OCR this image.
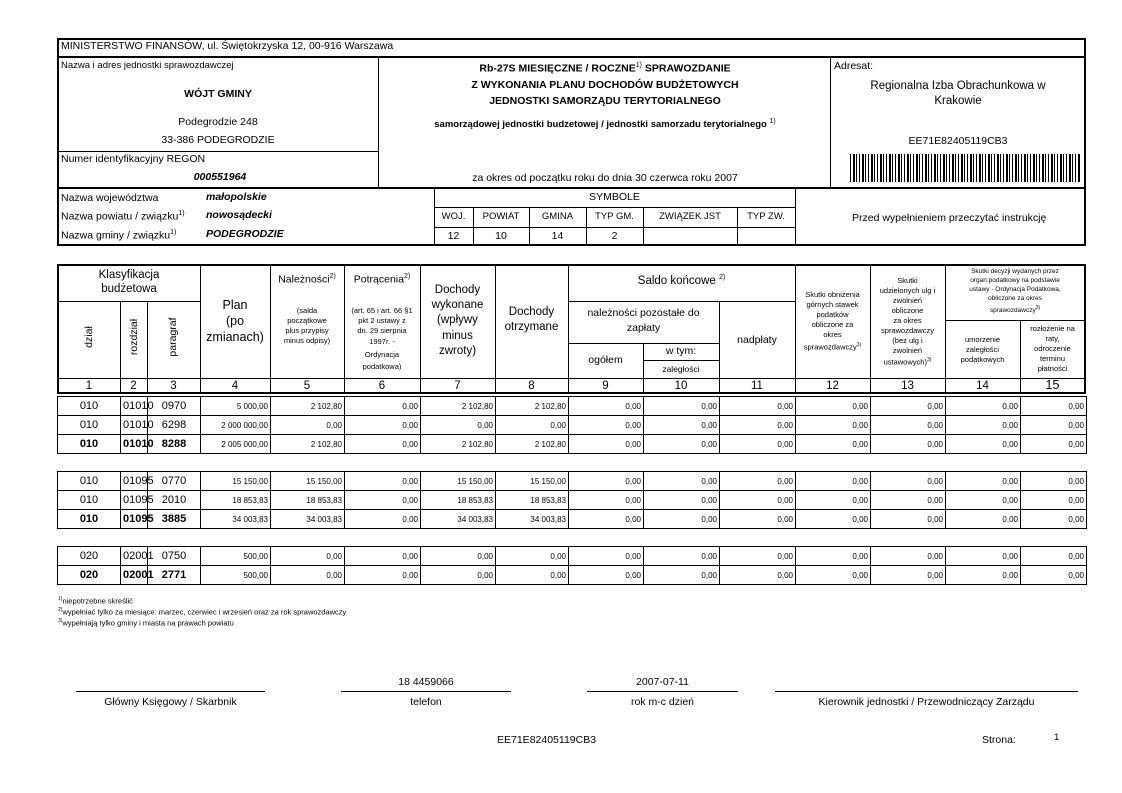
MINISTERSTWO FINANSÓW, ul. Świętokrzyska 12, 00-916 Warszawa
Nazwa i adres jednostki sprawozdawczej
WÓJT GMINY
Podegrodzie 248
33-386 PODEGRODZIE
Numer identyfikacyjny REGON
000551964
Rb-27S MIESIĘCZNE / ROCZNE$^{1)}$ SPRAWOZDANIE
Z WYKONANIA PLANU DOCHODÓW BUDŻETOWYCH
JEDNOSTKI SAMORZĄDU TERYTORIALNEGO
samorządowej jednostki budzetowej / jednostki samorzadu terytorialnego $^{1)}$
za okres od początku roku do dnia 30 czerwca roku 2007
Adresat:
Regionalna Izba Obrachunkowa w
Krakowie
EE71E82405119CB3
Nazwa województwa	małopolskie
Nazwa powiatu / związku$^{1)}$ nowosądecki
Nazwa gminy / związku$^{1)}$	PODEGRODZIE
SYMBOLE
WOJ.	POWIAT	GMINA	TYP GM.	ZWIĄZEK JST	TYP ZW.
12	10	14	2
Przed wypełnieniem przeczytać instrukcję
Klasyfikacja
budżetowa
dział	rozdział	paragraf
Plan
(po
zmianach)
Należności$^{2)}$
(salda
początkowe
plus przypisy
minus odpisy)
Potrącenia$^{2)}$
(art. 65 i art. 66 §1
pkt 2 ustawy z
dn. 29 sierpnia
1997r. -
Ordynacja
podatkowa)
Dochody
wykonane
(wpływy
minus
zwroty)
Dochody
otrzymane
Saldo końcowe $^{2)}$
należności pozostałe do
zapłaty
ogółem
w tym:
zaległości
nadpłaty
Skutki obniżenia
górnych stawek
podatków
obliczone za
okres
sprawozdawczy$^{3)}$
Skutki
udzielonych ulg i
zwolnień
obliczone
za okres
sprawozdawczy
(bez ulg i
zwolnień
ustawowych)$^{3)}$
Skutki decyzji wydanych przez
organ podatkowy na podstawie
ustawy - Ordynacja Podatkowa,
obliczone za okres
sprawozdawczy$^{3)}$
umorzenie
zaległości
podatkowych
rozłożenie na
raty,
odroczenie
terminu
płatności
1	2	3	4	5	6	7	8	9	10	11	12	13	14	15
010	01010	0970	5 000,00	2 102,80	0,00	2 102,80	2 102,80	0,00	0,00	0,00	0,00	0,00	0,00	0,00
010	01010	6298	2 000 000,00	0,00	0,00	0,00	0,00	0,00	0,00	0,00	0,00	0,00	0,00	0,00
010	01010	8288	2 005 000,00	2 102,80	0,00	2 102,80	2 102,80	0,00	0,00	0,00	0,00	0,00	0,00	0,00

010	01095	0770	15 150,00	15 150,00	0,00	15 150,00	15 150,00	0,00	0,00	0,00	0,00	0,00	0,00	0,00
010	01095	2010	18 853,83	18 853,83	0,00	18 853,83	18 853,83	0,00	0,00	0,00	0,00	0,00	0,00	0,00
010	01095	3885	34 003,83	34 003,83	0,00	34 003,83	34 003,83	0,00	0,00	0,00	0,00	0,00	0,00	0,00

020	02001	0750	500,00	0,00	0,00	0,00	0,00	0,00	0,00	0,00	0,00	0,00	0,00	0,00
020	02001	2771	500,00	0,00	0,00	0,00	0,00	0,00	0,00	0,00	0,00	0,00	0,00	0,00
$^{1)}$niepotrzebne skreślić
$^{2)}$wypełniać tylko za miesiące: marzec, czerwiec i wrzesień oraz za rok sprawozdawczy
$^{3)}$wypełniają tylko gminy i miasta na prawach powiatu
Główny Księgowy / Skarbnik
18 4459066
telefon
2007-07-11
rok m-c dzień	Kierownik jednostki / Przewodniczący Zarządu
EE71E82405119CB3	Strona:	1
